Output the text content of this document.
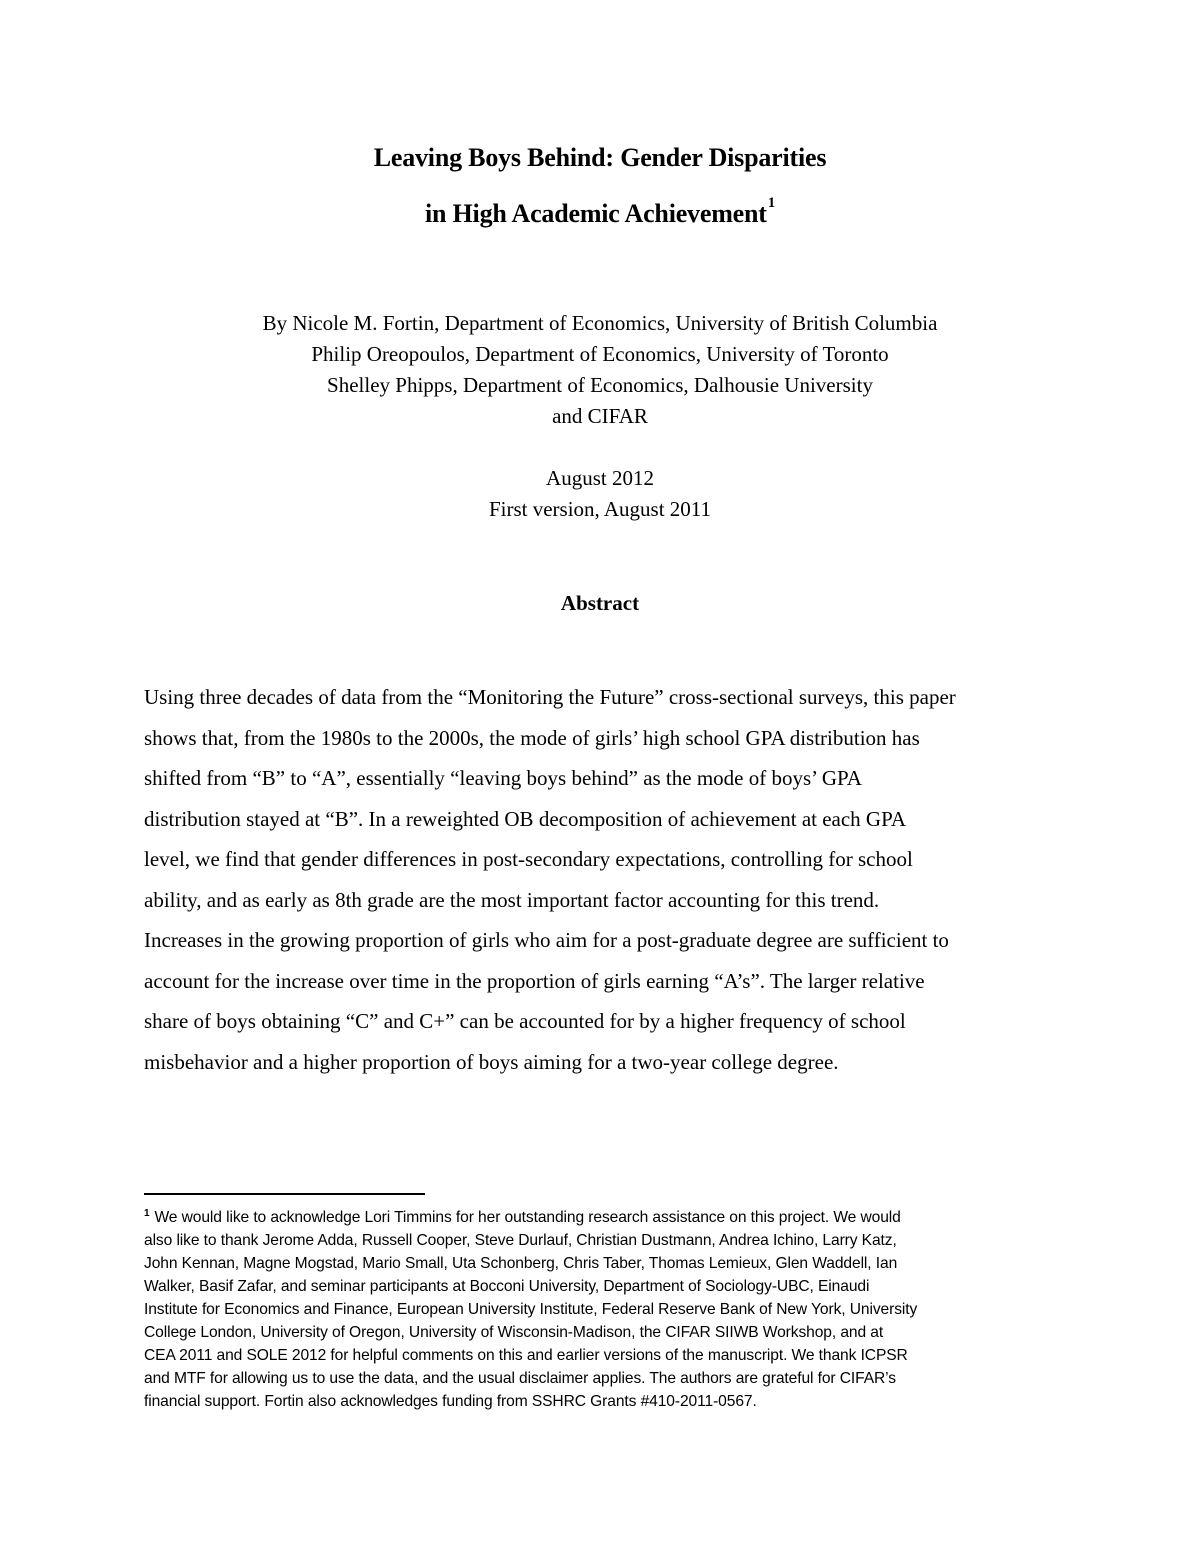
Leaving Boys Behind: Gender Disparities
in High Academic Achievement$^1$
By Nicole M. Fortin, Department of Economics, University of British Columbia
Philip Oreopoulos, Department of Economics, University of Toronto
Shelley Phipps, Department of Economics, Dalhousie University
and CIFAR
August 2012
First version, August 2011
Abstract
Using three decades of data from the “Monitoring the Future” cross-sectional surveys, this paper
shows that, from the 1980s to the 2000s, the mode of girls’ high school GPA distribution has
shifted from “B” to “A”, essentially “leaving boys behind” as the mode of boys’ GPA
distribution stayed at “B”. In a reweighted OB decomposition of achievement at each GPA
level, we find that gender differences in post-secondary expectations, controlling for school
ability, and as early as 8th grade are the most important factor accounting for this trend.
Increases in the growing proportion of girls who aim for a post-graduate degree are sufficient to
account for the increase over time in the proportion of girls earning “A’s”. The larger relative
share of boys obtaining “C” and C+” can be accounted for by a higher frequency of school
misbehavior and a higher proportion of boys aiming for a two-year college degree.
$^1$ We would like to acknowledge Lori Timmins for her outstanding research assistance on this project. We would
also like to thank Jerome Adda, Russell Cooper, Steve Durlauf, Christian Dustmann, Andrea Ichino, Larry Katz,
John Kennan, Magne Mogstad, Mario Small, Uta Schonberg, Chris Taber, Thomas Lemieux, Glen Waddell, Ian
Walker, Basif Zafar, and seminar participants at Bocconi University, Department of Sociology-UBC, Einaudi
Institute for Economics and Finance, European University Institute, Federal Reserve Bank of New York, University
College London, University of Oregon, University of Wisconsin-Madison, the CIFAR SIIWB Workshop, and at
CEA 2011 and SOLE 2012 for helpful comments on this and earlier versions of the manuscript. We thank ICPSR
and MTF for allowing us to use the data, and the usual disclaimer applies. The authors are grateful for CIFAR’s
financial support. Fortin also acknowledges funding from SSHRC Grants #410-2011-0567.
